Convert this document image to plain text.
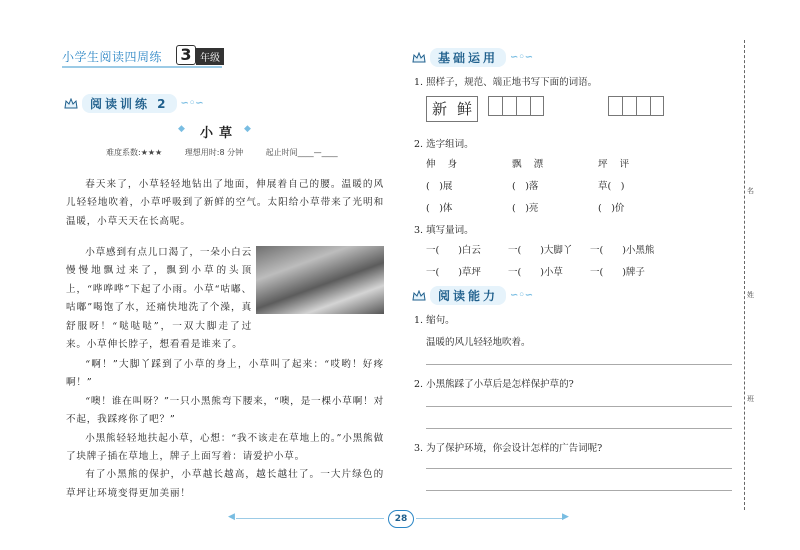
小学生阅读四周练 3 年级
阅读训练 2	∽◦∽
◆ 小草 ◆
难度系数:★★★	理想用时:8 分钟	起止时间____—____

春天来了，小草轻轻地钻出了地面，伸展着自己的腰。温暖的风儿轻轻地吹着，小草呼吸到了新鲜的空气。太阳给小草带来了光明和温暖，小草天天在长高呢。

小草感到有点儿口渴了，一朵小白云慢慢地飘过来了，飘到小草的头顶上，“哗哗哗”下起了小雨。小草“咕嘟、咕嘟”喝饱了水，还痛快地洗了个澡，真舒服呀！“哒哒哒”，一双大脚走了过来。小草伸长脖子，想看看是谁来了。

“啊！”大脚丫踩到了小草的身上，小草叫了起来：“哎哟！好疼啊！”

“噢！谁在叫呀？”一只小黑熊弯下腰来，“噢，是一棵小草啊！对不起，我踩疼你了吧？”

小黑熊轻轻地扶起小草，心想：“我不该走在草地上的。”小黑熊做了块牌子插在草地上，牌子上面写着：请爱护小草。

有了小黑熊的保护，小草越长越高，越长越壮了。一大片绿色的草坪让环境变得更加美丽！

基础运用	∽◦∽
1. 照样子，规范、端正地书写下面的词语。
新 鲜
2. 选字组词。
伸 身	飘 漂	坪 评
(　)展	(　)落	草(　)
(　)体	(　)亮	(　)价
3. 填写量词。
一(　　)白云	一(　　)大脚丫 一(　　)小黑熊
一(　　)草坪	一(　　)小草	一(　　)牌子
阅读能力	∽◦∽
1. 缩句。
温暖的风儿轻轻地吹着。
2. 小黑熊踩了小草后是怎样保护草的?
3. 为了保护环境，你会设计怎样的广告词呢?
名
姓
班
◀	▶
28
